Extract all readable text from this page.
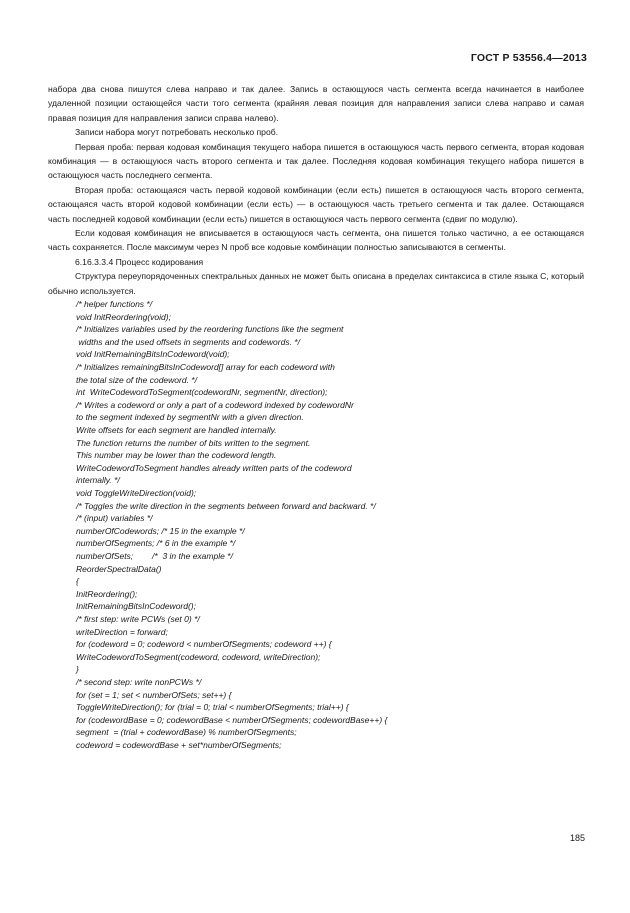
ГОСТ Р 53556.4—2013

набора два снова пишутся слева направо и так далее. Запись в остающуюся часть сегмента всегда начинается в наиболее удаленной позиции остающейся части того сегмента (крайняя левая позиция для направления записи слева направо и самая правая позиция для направления записи справа налево).

Записи набора могут потребовать несколько проб.

Первая проба: первая кодовая комбинация текущего набора пишется в остающуюся часть первого сегмента, вторая кодовая комбинация — в остающуюся часть второго сегмента и так далее. Последняя кодовая комбинация текущего набора пишется в остающуюся часть последнего сегмента.

Вторая проба: остающаяся часть первой кодовой комбинации (если есть) пишется в остающуюся часть второго сегмента, остающаяся часть второй кодовой комбинации (если есть) — в остающуюся часть третьего сегмента и так далее. Остающаяся часть последней кодовой комбинации (если есть) пишется в остающуюся часть первого сегмента (сдвиг по модулю).

Если кодовая комбинация не вписывается в остающуюся часть сегмента, она пишется только частично, а ее остающаяся часть сохраняется. После максимум через N проб все кодовые комбинации полностью записываются в сегменты.

6.16.3.3.4 Процесс кодирования

Структура переупорядоченных спектральных данных не может быть описана в пределах синтаксиса в стиле языка С, который обычно используется.

/* helper functions */
void InitReordering(void);
/* Initializes variables used by the reordering functions like the segment
widths and the used offsets in segments and codewords. */
void InitRemainingBitsInCodeword(void);
/* Initializes remainingBitsInCodeword[] array for each codeword with
the total size of the codeword. */
int  WriteCodewordToSegment(codewordNr, segmentNr, direction);
/* Writes a codeword or only a part of a codeword indexed by codewordNr
to the segment indexed by segmentNr with a given direction.
Write offsets for each segment are handled internally.
The function returns the number of bits written to the segment.
This number may be lower than the codeword length.
WriteCodewordToSegment handles already written parts of the codeword
internally. */
void ToggleWriteDirection(void);
/* Toggles the write direction in the segments between forward and backward. */
/* (input) variables */
numberOfCodewords; /* 15 in the example */
numberOfSegments; /* 6 in the example */
numberOfSets;        /*  3 in the example */
ReorderSpectralData()
{
InitReordering();
InitRemainingBitsInCodeword();
/* first step: write PCWs (set 0) */
writeDirection = forward;
for (codeword = 0; codeword < numberOfSegments; codeword ++) {
WriteCodewordToSegment(codeword, codeword, writeDirection);
}
/* second step: write nonPCWs */
for (set = 1; set < numberOfSets; set++) {
ToggleWriteDirection(); for (trial = 0; trial < numberOfSegments; trial++) {
for (codewordBase = 0; codewordBase < numberOfSegments; codewordBase++) {
segment  = (trial + codewordBase) % numberOfSegments;
codeword = codewordBase + set*numberOfSegments;
185
